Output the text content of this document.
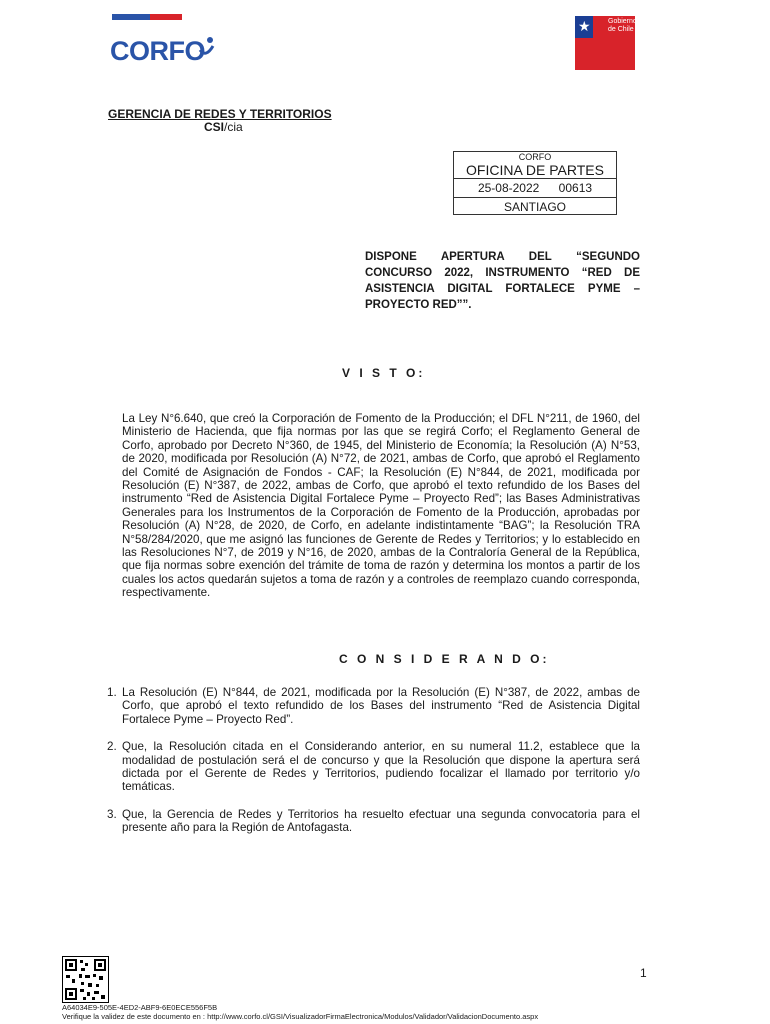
CORFO
★ Gobierno
de Chile
GERENCIA DE REDES Y TERRITORIOS
CSI/cia
CORFO
OFICINA DE PARTES
25-08-2022 00613
SANTIAGO
DISPONE APERTURA DEL “SEGUNDO CONCURSO 2022, INSTRUMENTO “RED DE ASISTENCIA DIGITAL FORTALECE PYME – PROYECTO RED””.
V I S T O:
La Ley N°6.640, que creó la Corporación de Fomento de la Producción; el DFL N°211, de 1960, del Ministerio de Hacienda, que fija normas por las que se regirá Corfo; el Reglamento General de Corfo, aprobado por Decreto N°360, de 1945, del Ministerio de Economía; la Resolución (A) N°53, de 2020, modificada por Resolución (A) N°72, de 2021, ambas de Corfo, que aprobó el Reglamento del Comité de Asignación de Fondos - CAF; la Resolución (E) N°844, de 2021, modificada por Resolución (E) N°387, de 2022, ambas de Corfo, que aprobó el texto refundido de los Bases del instrumento “Red de Asistencia Digital Fortalece Pyme – Proyecto Red”; las Bases Administrativas Generales para los Instrumentos de la Corporación de Fomento de la Producción, aprobadas por Resolución (A) N°28, de 2020, de Corfo, en adelante indistintamente “BAG”; la Resolución TRA N°58/284/2020, que me asignó las funciones de Gerente de Redes y Territorios; y lo establecido en las Resoluciones N°7, de 2019 y N°16, de 2020, ambas de la Contraloría General de la República, que fija normas sobre exención del trámite de toma de razón y determina los montos a partir de los cuales los actos quedarán sujetos a toma de razón y a controles de reemplazo cuando corresponda, respectivamente.
C O N S I D E R A N D O:
1. La Resolución (E) N°844, de 2021, modificada por la Resolución (E) N°387, de 2022, ambas de Corfo, que aprobó el texto refundido de los Bases del instrumento “Red de Asistencia Digital Fortalece Pyme – Proyecto Red”.
2. Que, la Resolución citada en el Considerando anterior, en su numeral 11.2, establece que la modalidad de postulación será el de concurso y que la Resolución que dispone la apertura será dictada por el Gerente de Redes y Territorios, pudiendo focalizar el llamado por territorio y/o temáticas.
3. Que, la Gerencia de Redes y Territorios ha resuelto efectuar una segunda convocatoria para el presente año para la Región de Antofagasta.
1
A64034E9-505E-4ED2-ABF9-6E0ECE556F5B
Verifique la validez de este documento en : http://www.corfo.cl/GSI/VisualizadorFirmaElectronica/Modulos/Validador/ValidacionDocumento.aspx
